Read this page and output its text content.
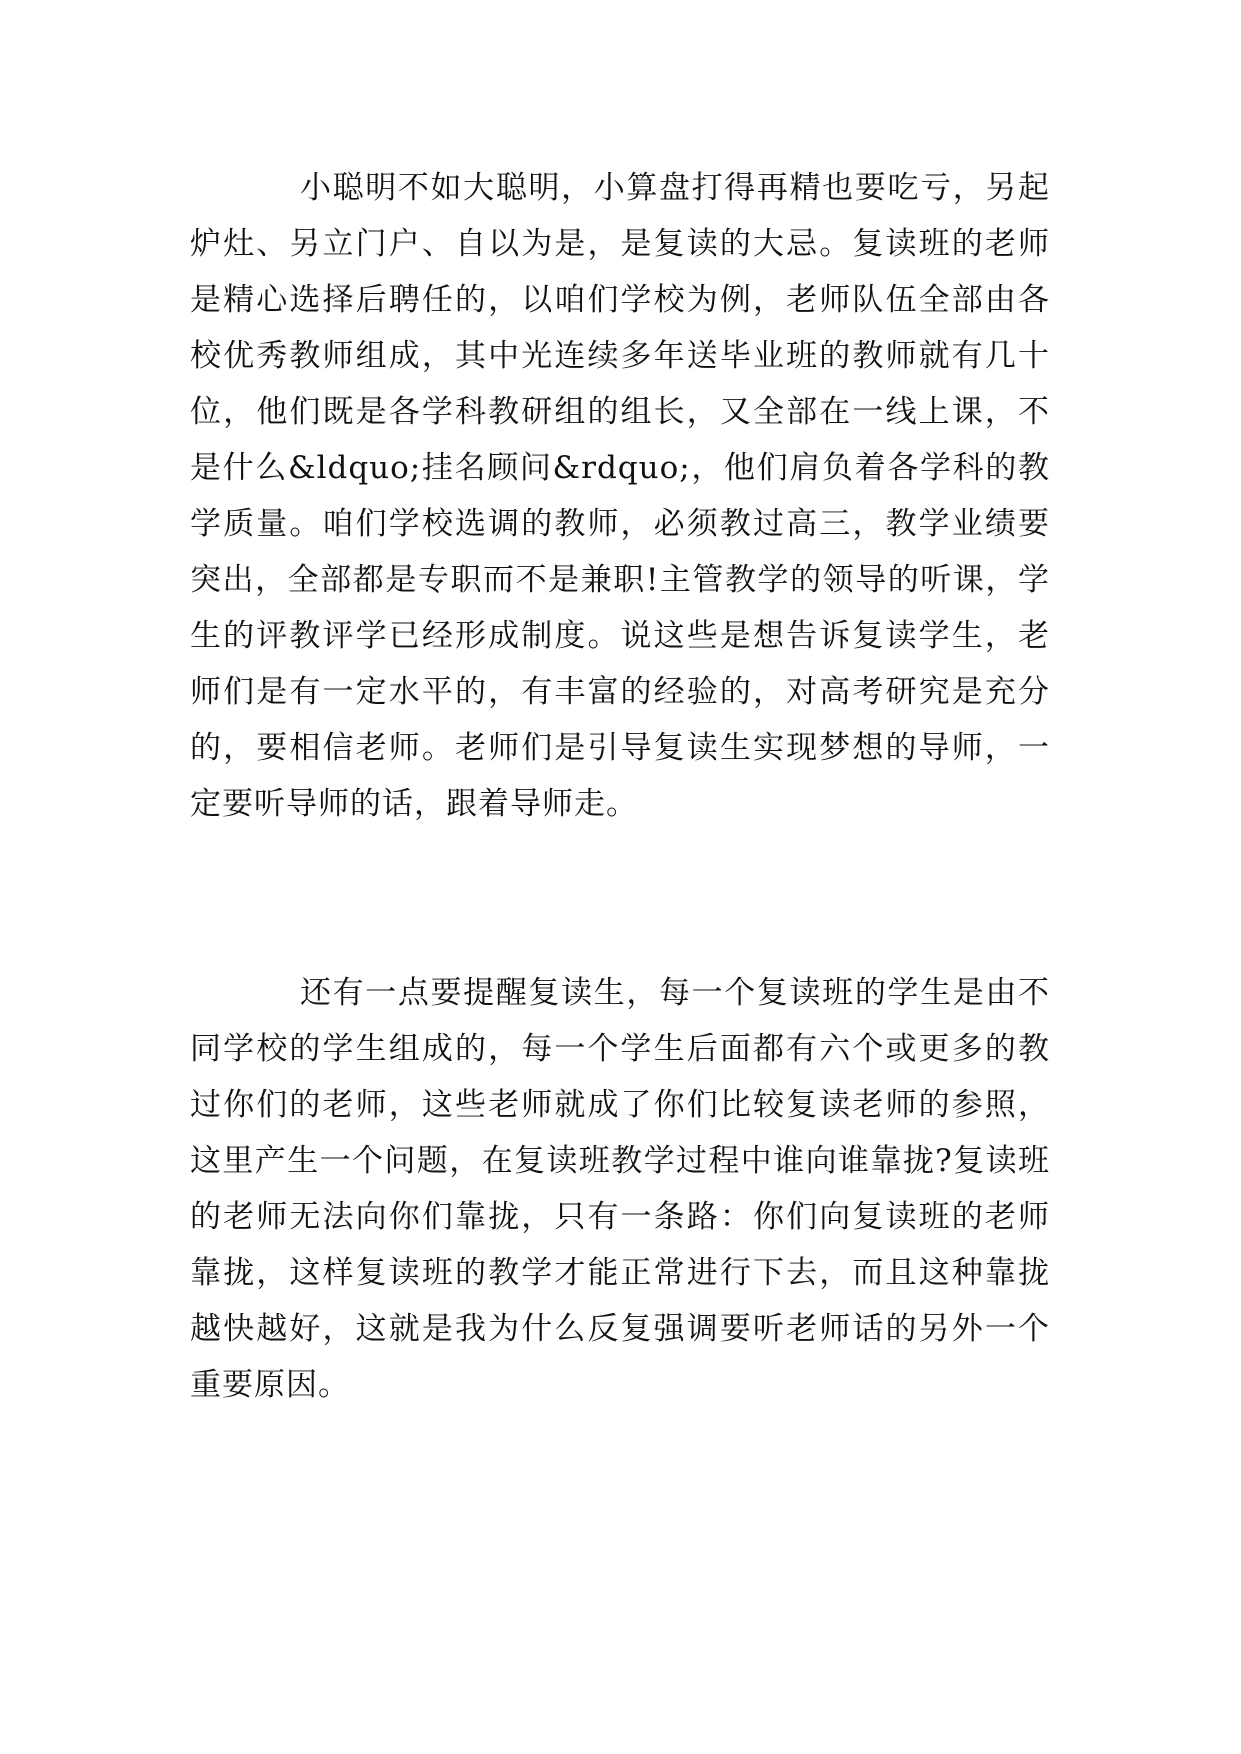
小聪明不如大聪明，小算盘打得再精也要吃亏，另起炉灶、另立门户、自以为是，是复读的大忌。复读班的老师是精心选择后聘任的，以咱们学校为例，老师队伍全部由各校优秀教师组成，其中光连续多年送毕业班的教师就有几十位，他们既是各学科教研组的组长，又全部在一线上课，不是什么&ldquo;挂名顾问&rdquo;，他们肩负着各学科的教学质量。咱们学校选调的教师，必须教过高三，教学业绩要突出，全部都是专职而不是兼职!主管教学的领导的听课，学生的评教评学已经形成制度。说这些是想告诉复读学生，老师们是有一定水平的，有丰富的经验的，对高考研究是充分的，要相信老师。老师们是引导复读生实现梦想的导师，一定要听导师的话，跟着导师走。

还有一点要提醒复读生，每一个复读班的学生是由不同学校的学生组成的，每一个学生后面都有六个或更多的教过你们的老师，这些老师就成了你们比较复读老师的参照，这里产生一个问题，在复读班教学过程中谁向谁靠拢?复读班的老师无法向你们靠拢，只有一条路：你们向复读班的老师靠拢，这样复读班的教学才能正常进行下去，而且这种靠拢越快越好，这就是我为什么反复强调要听老师话的另外一个重要原因。
